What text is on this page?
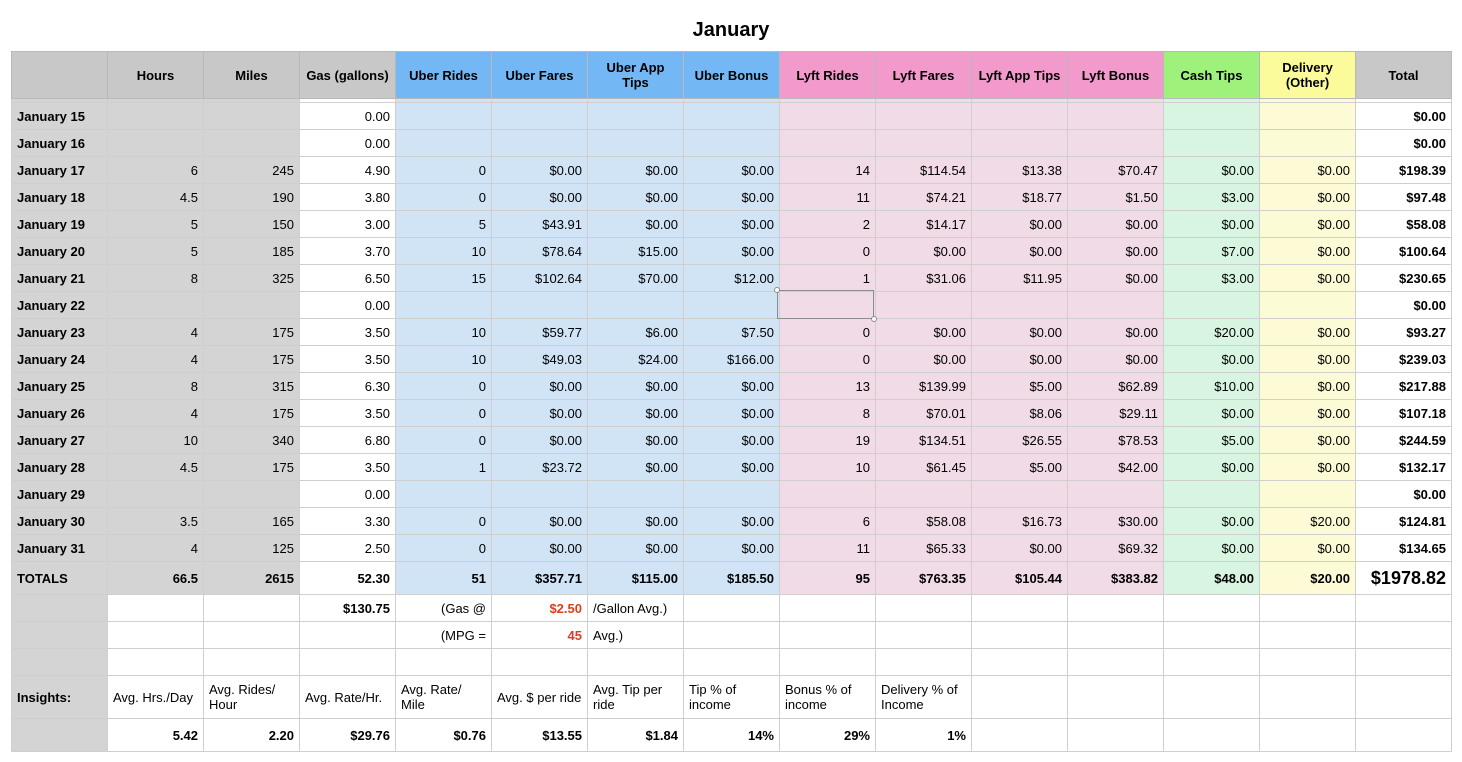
January
	Hours	Miles	Gas (gallons)	Uber Rides	Uber Fares	Uber App Tips	Uber Bonus	Lyft Rides	Lyft Fares	Lyft App Tips	Lyft Bonus	Cash Tips	Delivery (Other)	Total

January 15			0.00											$0.00
January 16			0.00											$0.00
January 17	6	245	4.90	0	$0.00	$0.00	$0.00	14	$114.54	$13.38	$70.47	$0.00	$0.00	$198.39
January 18	4.5	190	3.80	0	$0.00	$0.00	$0.00	11	$74.21	$18.77	$1.50	$3.00	$0.00	$97.48
January 19	5	150	3.00	5	$43.91	$0.00	$0.00	2	$14.17	$0.00	$0.00	$0.00	$0.00	$58.08
January 20	5	185	3.70	10	$78.64	$15.00	$0.00	0	$0.00	$0.00	$0.00	$7.00	$0.00	$100.64
January 21	8	325	6.50	15	$102.64	$70.00	$12.00	1	$31.06	$11.95	$0.00	$3.00	$0.00	$230.65
January 22			0.00											$0.00
January 23	4	175	3.50	10	$59.77	$6.00	$7.50	0	$0.00	$0.00	$0.00	$20.00	$0.00	$93.27
January 24	4	175	3.50	10	$49.03	$24.00	$166.00	0	$0.00	$0.00	$0.00	$0.00	$0.00	$239.03
January 25	8	315	6.30	0	$0.00	$0.00	$0.00	13	$139.99	$5.00	$62.89	$10.00	$0.00	$217.88
January 26	4	175	3.50	0	$0.00	$0.00	$0.00	8	$70.01	$8.06	$29.11	$0.00	$0.00	$107.18
January 27	10	340	6.80	0	$0.00	$0.00	$0.00	19	$134.51	$26.55	$78.53	$5.00	$0.00	$244.59
January 28	4.5	175	3.50	1	$23.72	$0.00	$0.00	10	$61.45	$5.00	$42.00	$0.00	$0.00	$132.17
January 29			0.00											$0.00
January 30	3.5	165	3.30	0	$0.00	$0.00	$0.00	6	$58.08	$16.73	$30.00	$0.00	$20.00	$124.81
January 31	4	125	2.50	0	$0.00	$0.00	$0.00	11	$65.33	$0.00	$69.32	$0.00	$0.00	$134.65
TOTALS	66.5	2615	52.30	51	$357.71	$115.00	$185.50	95	$763.35	$105.44	$383.82	$48.00	$20.00	$1978.82
			$130.75	(Gas @	$2.50	/Gallon Avg.)								
				(MPG =	45	Avg.)								

Insights:	Avg. Hrs./Day	Avg. Rides/ Hour	Avg. Rate/Hr.	Avg. Rate/ Mile	Avg. $ per ride	Avg. Tip per ride	Tip % of income	Bonus % of income	Delivery % of Income					
	5.42	2.20	$29.76	$0.76	$13.55	$1.84	14%	29%	1%					
